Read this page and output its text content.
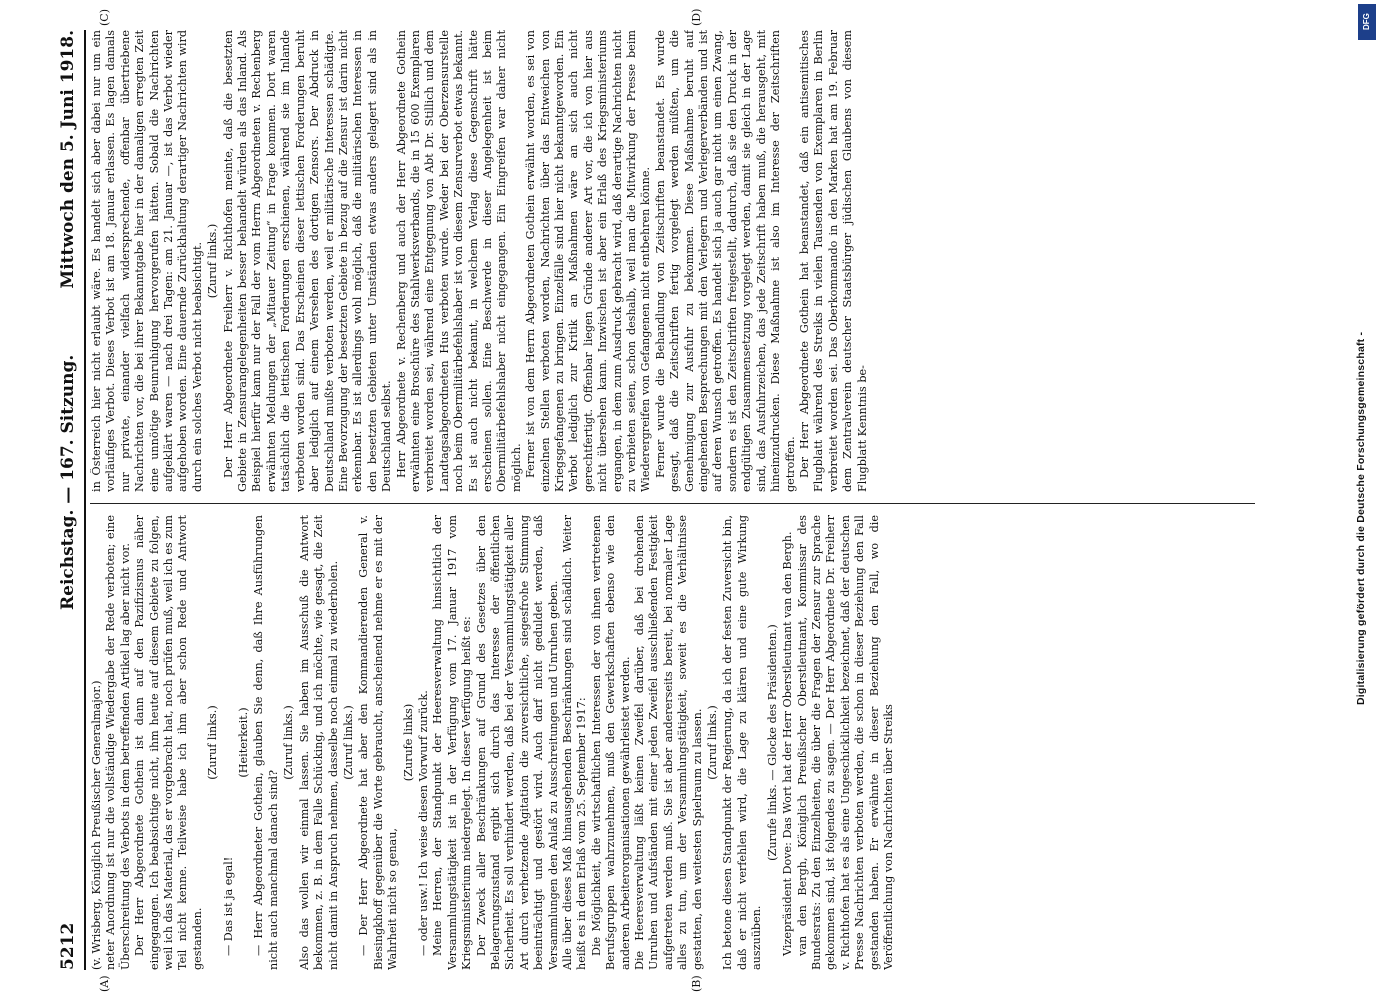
5212
Reichstag. — 167. Sitzung.
Mittwoch den 5. Juni 1918.

(v. Wrisberg, Königlich Preußischer Generalmajor.) neter Anordnung ist nur die vollständige Wiedergabe der Rede verboten; eine Überschreitung des Verbots in dem betreffenden Artikel lag aber nicht vor. Der Herr Abgeordnete Gothein ist dann auf den Pazifizismus näher eingegangen. Ich beabsichtige nicht, ihm heute auf diesem Gebiete zu folgen, weil ich das Material, das er vorgebracht hat, noch prüfen muß, weil ich es zum Teil nicht kenne. Teilweise habe ich ihm aber schon Rede und Antwort gestanden.

(Zuruf links.)

— Das ist ja egal!

(Heiterkeit.) — Herr Abgeordneter Gothein, glauben Sie denn, daß Ihre Ausführungen nicht auch manchmal danach sind?

(Zuruf links.) Also das wollen wir einmal lassen. Sie haben im Ausschuß die Antwort bekommen, z. B. in dem Falle Schücking, und ich möchte, wie gesagt, die Zeit nicht damit in Anspruch nehmen, dasselbe noch einmal zu wiederholen. (Zuruf links.) — Der Herr Abgeordnete hat aber den Kommandierenden General v. Biesingkhoff gegenüber die Worte gebraucht, anscheinend nehme er es mit der Wahrheit nicht so genau,

(Zurufe links) — oder usw.! Ich weise diesen Vorwurf zurück. Meine Herren, der Standpunkt der Heeresverwaltung hinsichtlich der Versammlungstätigkeit ist in der Verfügung vom 17. Januar 1917 vom Kriegsministerium niedergelegt. In dieser Verfügung heißt es: Der Zweck aller Beschränkungen auf Grund des Gesetzes über den Belagerungszustand ergibt sich durch das Interesse der öffentlichen Sicherheit. Es soll verhindert werden, daß bei der Versammlungstätigkeit aller Art durch verhetzende Agitation die zuversichtliche, siegesfrohe Stimmung beeinträchtigt und gestört wird. Auch darf nicht geduldet werden, daß Versammlungen den Anlaß zu Ausschreitungen und Unruhen geben. Alle über dieses Maß hinausgehenden Beschränkungen sind schädlich. Weiter heißt es in dem Erlaß vom 25. September 1917: Die Möglichkeit, die wirtschaftlichen Interessen der von ihnen vertretenen Berufsgruppen wahrzunehmen, muß den Gewerkschaften ebenso wie den anderen Arbeiterorganisationen gewährleistet werden. Die Heeresverwaltung läßt keinen Zweifel darüber, daß bei drohenden Unruhen und Aufständen mit einer jeden Zweifel ausschließenden Festigkeit aufgetreten werden muß. Sie ist aber andererseits bereit, bei normaler Lage alles zu tun, um der Versammlungstätigkeit, soweit es die Verhältnisse gestatten, den weitesten Spielraum zu lassen. (Zuruf links.) Ich betone diesen Standpunkt der Regierung, da ich der festen Zuversicht bin, daß er nicht verfehlen wird, die Lage zu klären und eine gute Wirkung auszuüben.

(Zurufe links. — Glocke des Präsidenten.) Vizepräsident Dove: Das Wort hat der Herr Oberstleutnant van den Bergh. van den Bergh, Königlich Preußischer Oberstleutnant, Kommissar des Bundesrats: Zu den Einzelheiten, die über die Fragen der Zensur zur Sprache gekommen sind, ist folgendes zu sagen. — Der Herr Abgeordnete Dr. Freiherr v. Richthofen hat es als eine Ungeschicklichkeit bezeichnet, daß der deutschen Presse Nachrichten verboten werden, die schon in dieser Beziehung den Fall gestanden haben. Er erwähnte in dieser Beziehung den Fall, wo die Veröffentlichung von Nachrichten über Streiks

in Österreich hier nicht erlaubt wäre. Es handelt sich aber dabei nur um ein vorläufiges Verbot. Dieses Verbot ist am 18. Januar erlassen. Es lagen damals nur private, einander vielfach widersprechende, offenbar übertriebene Nachrichten vor, die bei ihrer Bekanntgabe hier in der damaligen erregten Zeit eine unnötige Beunruhigung hervorgerufen hätten. Sobald die Nachrichten aufgeklärt waren — nach drei Tagen: am 21. Januar —, ist das Verbot wieder aufgehoben worden. Eine dauernde Zurückhaltung derartiger Nachrichten wird durch ein solches Verbot nicht beabsichtigt. (Zuruf links.) Der Herr Abgeordnete Freiherr v. Richthofen meinte, daß die besetzten Gebiete in Zensurangelegenheiten besser behandelt würden als das Inland. Als Beispiel hierfür kann nur der Fall der vom Herrn Abgeordneten v. Rechenberg erwähnten Meldungen der „Mitauer Zeitung“ in Frage kommen. Dort waren tatsächlich die lettischen Forderungen erschienen, während sie im Inlande verboten worden sind. Das Erscheinen dieser lettischen Forderungen beruht aber lediglich auf einem Versehen des dortigen Zensors. Der Abdruck in Deutschland mußte verboten werden, weil er militärische Interessen schädigte. Eine Bevorzugung der besetzten Gebiete in bezug auf die Zensur ist darin nicht erkennbar. Es ist allerdings wohl möglich, daß die militärischen Interessen in den besetzten Gebieten unter Umständen etwas anders gelagert sind als in Deutschland selbst. Herr Abgeordnete v. Rechenberg und auch der Herr Abgeordnete Gothein erwähnten eine Broschüre des Stahlwerksverbands, die in 15 600 Exemplaren verbreitet worden sei, während eine Entgegnung von Abt Dr. Stillich und dem Landtagsabgeordneten Hus verboten wurde. Weder bei der Oberzensurstelle noch beim Obermilitärbefehlshaber ist von diesem Zensurverbot etwas bekannt. Es ist auch nicht bekannt, in welchem Verlag diese Gegenschrift hätte erscheinen sollen. Eine Beschwerde in dieser Angelegenheit ist beim Obermilitärbefehlshaber nicht eingegangen. Ein Eingreifen war daher nicht möglich. Ferner ist von dem Herrn Abgeordneten Gothein erwähnt worden, es sei von einzelnen Stellen verboten worden, Nachrichten über das Entweichen von Kriegsgefangenen zu bringen. Einzelfälle sind hier nicht bekanntgeworden. Ein Verbot lediglich zur Kritik an Maßnahmen wäre an sich auch nicht gerechtfertigt. Offenbar liegen Gründe anderer Art vor, die ich von hier aus nicht übersehen kann. Inzwischen ist aber ein Erlaß des Kriegsministeriums ergangen, in dem zum Ausdruck gebracht wird, daß derartige Nachrichten nicht zu verbieten seien, schon deshalb, weil man die Mitwirkung der Presse beim Wiederergreifen von Gefangenen nicht entbehren könne. Ferner wurde die Behandlung von Zeitschriften beanstandet. Es wurde gesagt, daß die Zeitschriften fertig vorgelegt werden müßten, um die Genehmigung zur Ausfuhr zu bekommen. Diese Maßnahme beruht auf eingehenden Besprechungen mit den Verlegern und Verlegerverbänden und ist auf deren Wunsch getroffen. Es handelt sich ja auch gar nicht um einen Zwang, sondern es ist den Zeitschriften freigestellt, dadurch, daß sie den Druck in der endgültigen Zusammensetzung vorgelegt werden, damit sie gleich in der Lage sind, das Ausfuhrzeichen, das jede Zeitschrift haben muß, die herausgeht, mit hineinzudrucken. Diese Maßnahme ist also im Interesse der Zeitschriften getroffen. Der Herr Abgeordnete Gothein hat beanstandet, daß ein antisemitisches Flugblatt während des Streiks in vielen Tausenden von Exemplaren in Berlin verbreitet worden sei. Das Oberkommando in den Marken hat am 19. Februar dem Zentralverein deutscher Staatsbürger jüdischen Glaubens von diesem Flugblatt Kenntnis be-

(A)	(B)
(C)	(D)	DFG
Digitalisierung gefördert durch die Deutsche Forschungsgemeinschaft -
